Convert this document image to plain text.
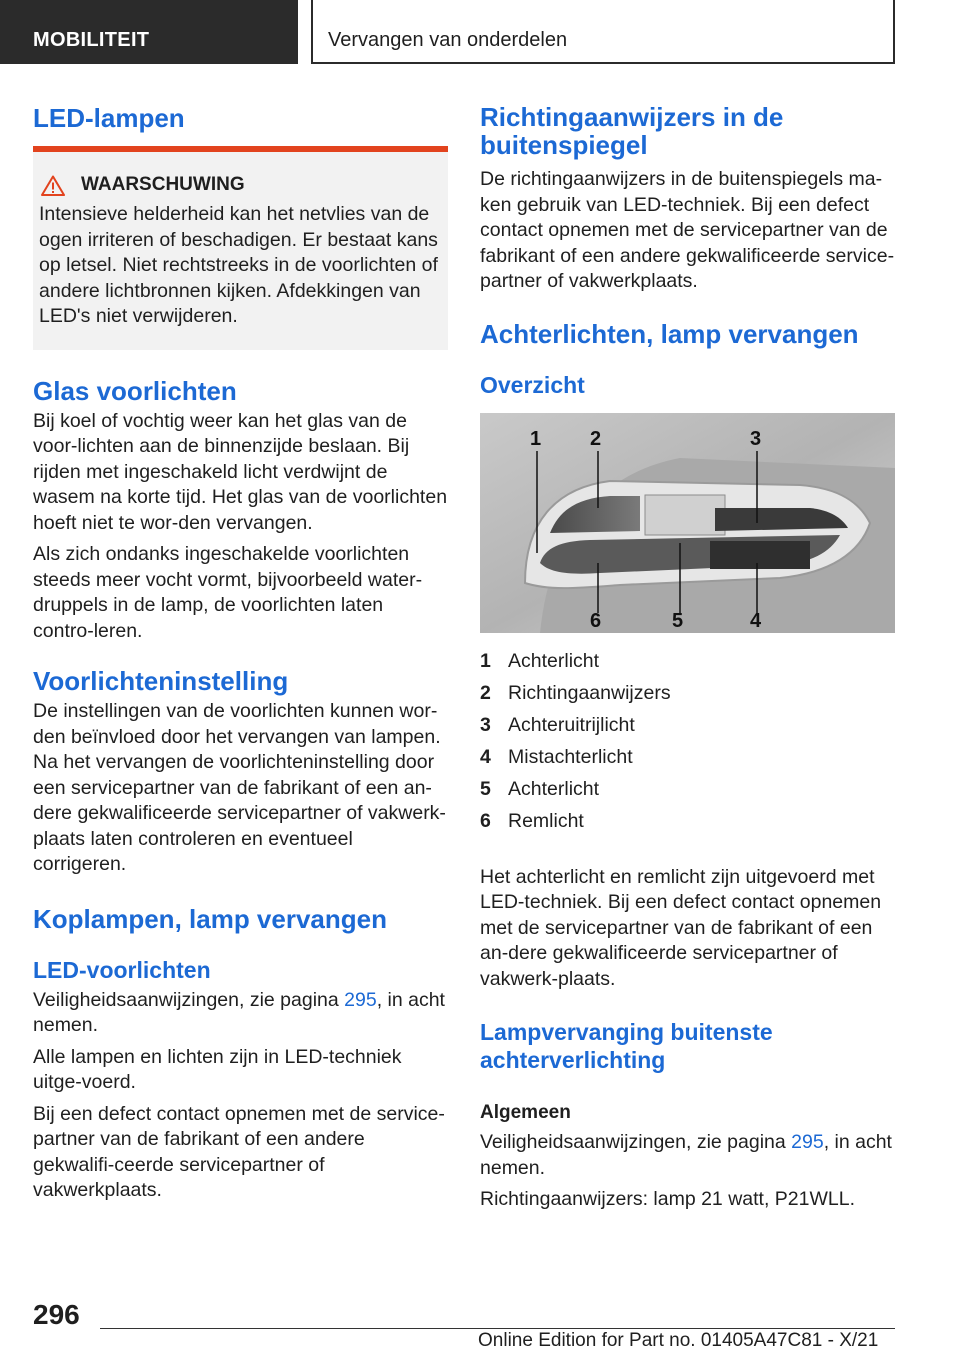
MOBILITEIT	Vervangen van onderdelen
LED-lampen
WAARSCHUWING

Intensieve helderheid kan het netvlies van de ogen irriteren of beschadigen. Er bestaat kans op letsel. Niet rechtstreeks in de voorlichten of andere lichtbronnen kijken. Afdekkingen van LED's niet verwijderen.

Glas voorlichten

Bij koel of vochtig weer kan het glas van de voor-lichten aan de binnenzijde beslaan. Bij rijden met ingeschakeld licht verdwijnt de wasem na korte tijd. Het glas van de voorlichten hoeft niet te wor-den vervangen.

Als zich ondanks ingeschakelde voorlichten steeds meer vocht vormt, bijvoorbeeld water-druppels in de lamp, de voorlichten laten contro-leren.

Voorlichteninstelling

De instellingen van de voorlichten kunnen wor-den beïnvloed door het vervangen van lampen. Na het vervangen de voorlichteninstelling door een servicepartner van de fabrikant of een an-dere gekwalificeerde servicepartner of vakwerk-plaats laten controleren en eventueel corrigeren.

Koplampen, lamp vervangen
LED-voorlichten

Veiligheidsaanwijzingen, zie pagina 295, in acht nemen.

Alle lampen en lichten zijn in LED-techniek uitge-voerd.

Bij een defect contact opnemen met de service-partner van de fabrikant of een andere gekwalifi-ceerde servicepartner of vakwerkplaats.

Richtingaanwijzers in de buitenspiegel

De richtingaanwijzers in de buitenspiegels ma-ken gebruik van LED-techniek. Bij een defect contact opnemen met de servicepartner van de fabrikant of een andere gekwalificeerde service-partner of vakwerkplaats.

Achterlichten, lamp vervangen
Overzicht
1 2	3
4
5
6
1 Achterlicht
2 Richtingaanwijzers
3 Achteruitrijlicht
4 Mistachterlicht
5 Achterlicht
6 Remlicht

Het achterlicht en remlicht zijn uitgevoerd met LED-techniek. Bij een defect contact opnemen met de servicepartner van de fabrikant of een an-dere gekwalificeerde servicepartner of vakwerk-plaats.

Lampvervanging buitenste achterverlichting
Algemeen

Veiligheidsaanwijzingen, zie pagina 295, in acht nemen.

Richtingaanwijzers: lamp 21 watt, P21WLL.

296
Online Edition for Part no. 01405A47C81 - X/21
